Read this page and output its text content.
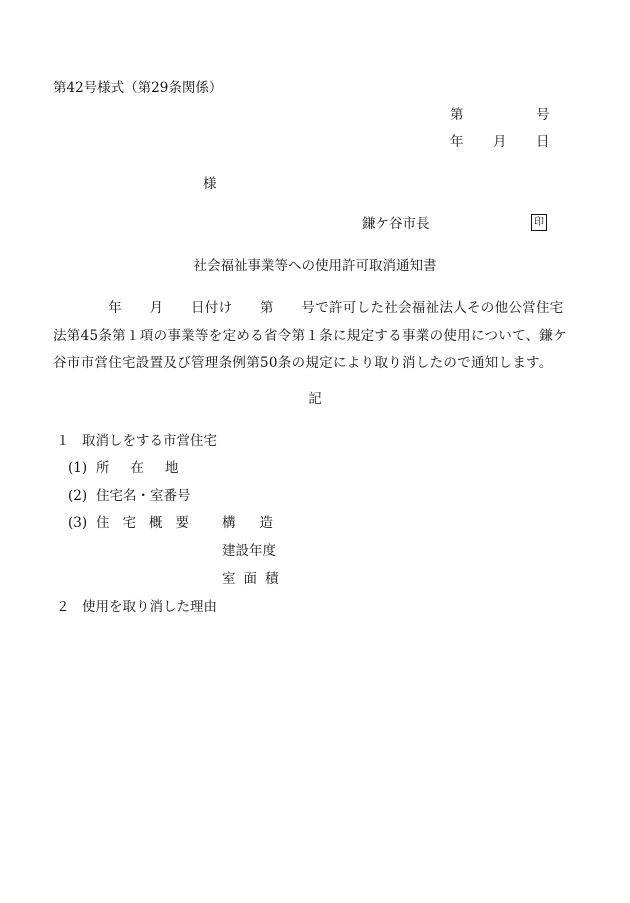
第42号様式（第29条関係）
第	号
年 月 日
様
鎌ケ谷市長	印
社会福祉事業等への使用許可取消通知書
　　　　年　　月　　日付け　　第　　号で許可した社会福祉法人その他公営住宅
法第45条第１項の事業等を定める省令第１条に規定する事業の使用について、鎌ケ
谷市市営住宅設置及び管理条例第50条の規定により取り消したので通知します。
記
１ 取消しをする市営住宅
(1) 所在地
(2) 住宅名・室番号
(3) 住宅概要 構造
建設年度
室面積
２ 使用を取り消した理由
